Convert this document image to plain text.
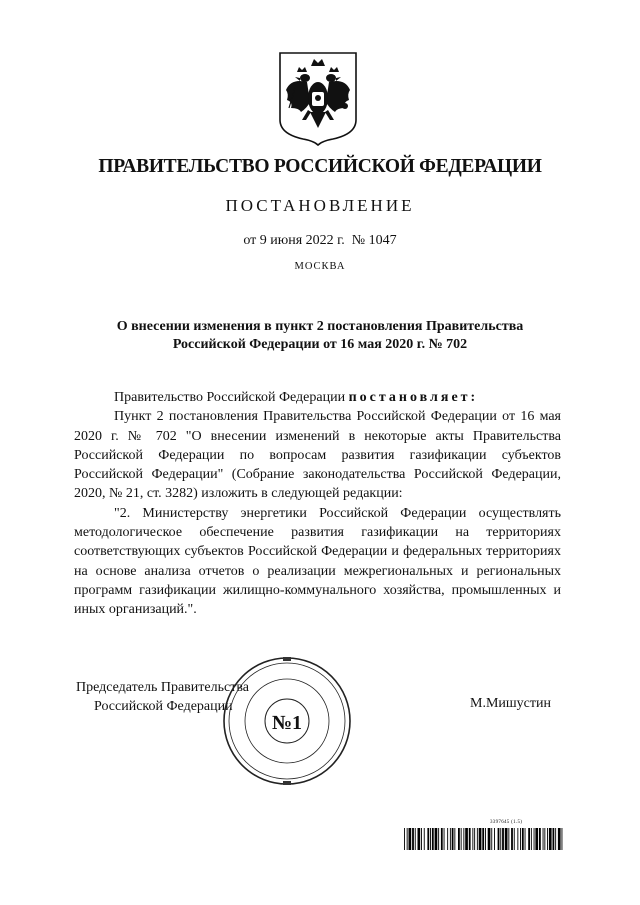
ПРАВИТЕЛЬСТВО РОССИЙСКОЙ ФЕДЕРАЦИИ
ПОСТАНОВЛЕНИЕ
от 9 июня 2022 г.  № 1047
МОСКВА
О внесении изменения в пункт 2 постановления Правительства
Российской Федерации от 16 мая 2020 г. № 702

Правительство Российской Федерации постановляет:

Пункт 2 постановления Правительства Российской Федерации от 16 мая 2020 г. № 702 "О внесении изменений в некоторые акты Правительства Российской Федерации по вопросам развития газификации субъектов Российской Федерации" (Собрание законодательства Российской Федерации, 2020, № 21, ст. 3282) изложить в следующей редакции:

"2. Министерству энергетики Российской Федерации осуществлять методологическое обеспечение развития газификации на территориях соответствующих субъектов Российской Федерации и федеральных территориях на основе анализа отчетов о реализации межрегиональных и региональных программ газификации жилищно-коммунального хозяйства, промышленных и иных организаций.".

Председатель Правительства
Российской Федерации	М.Мишустин
№1
3397645 (1.5)
